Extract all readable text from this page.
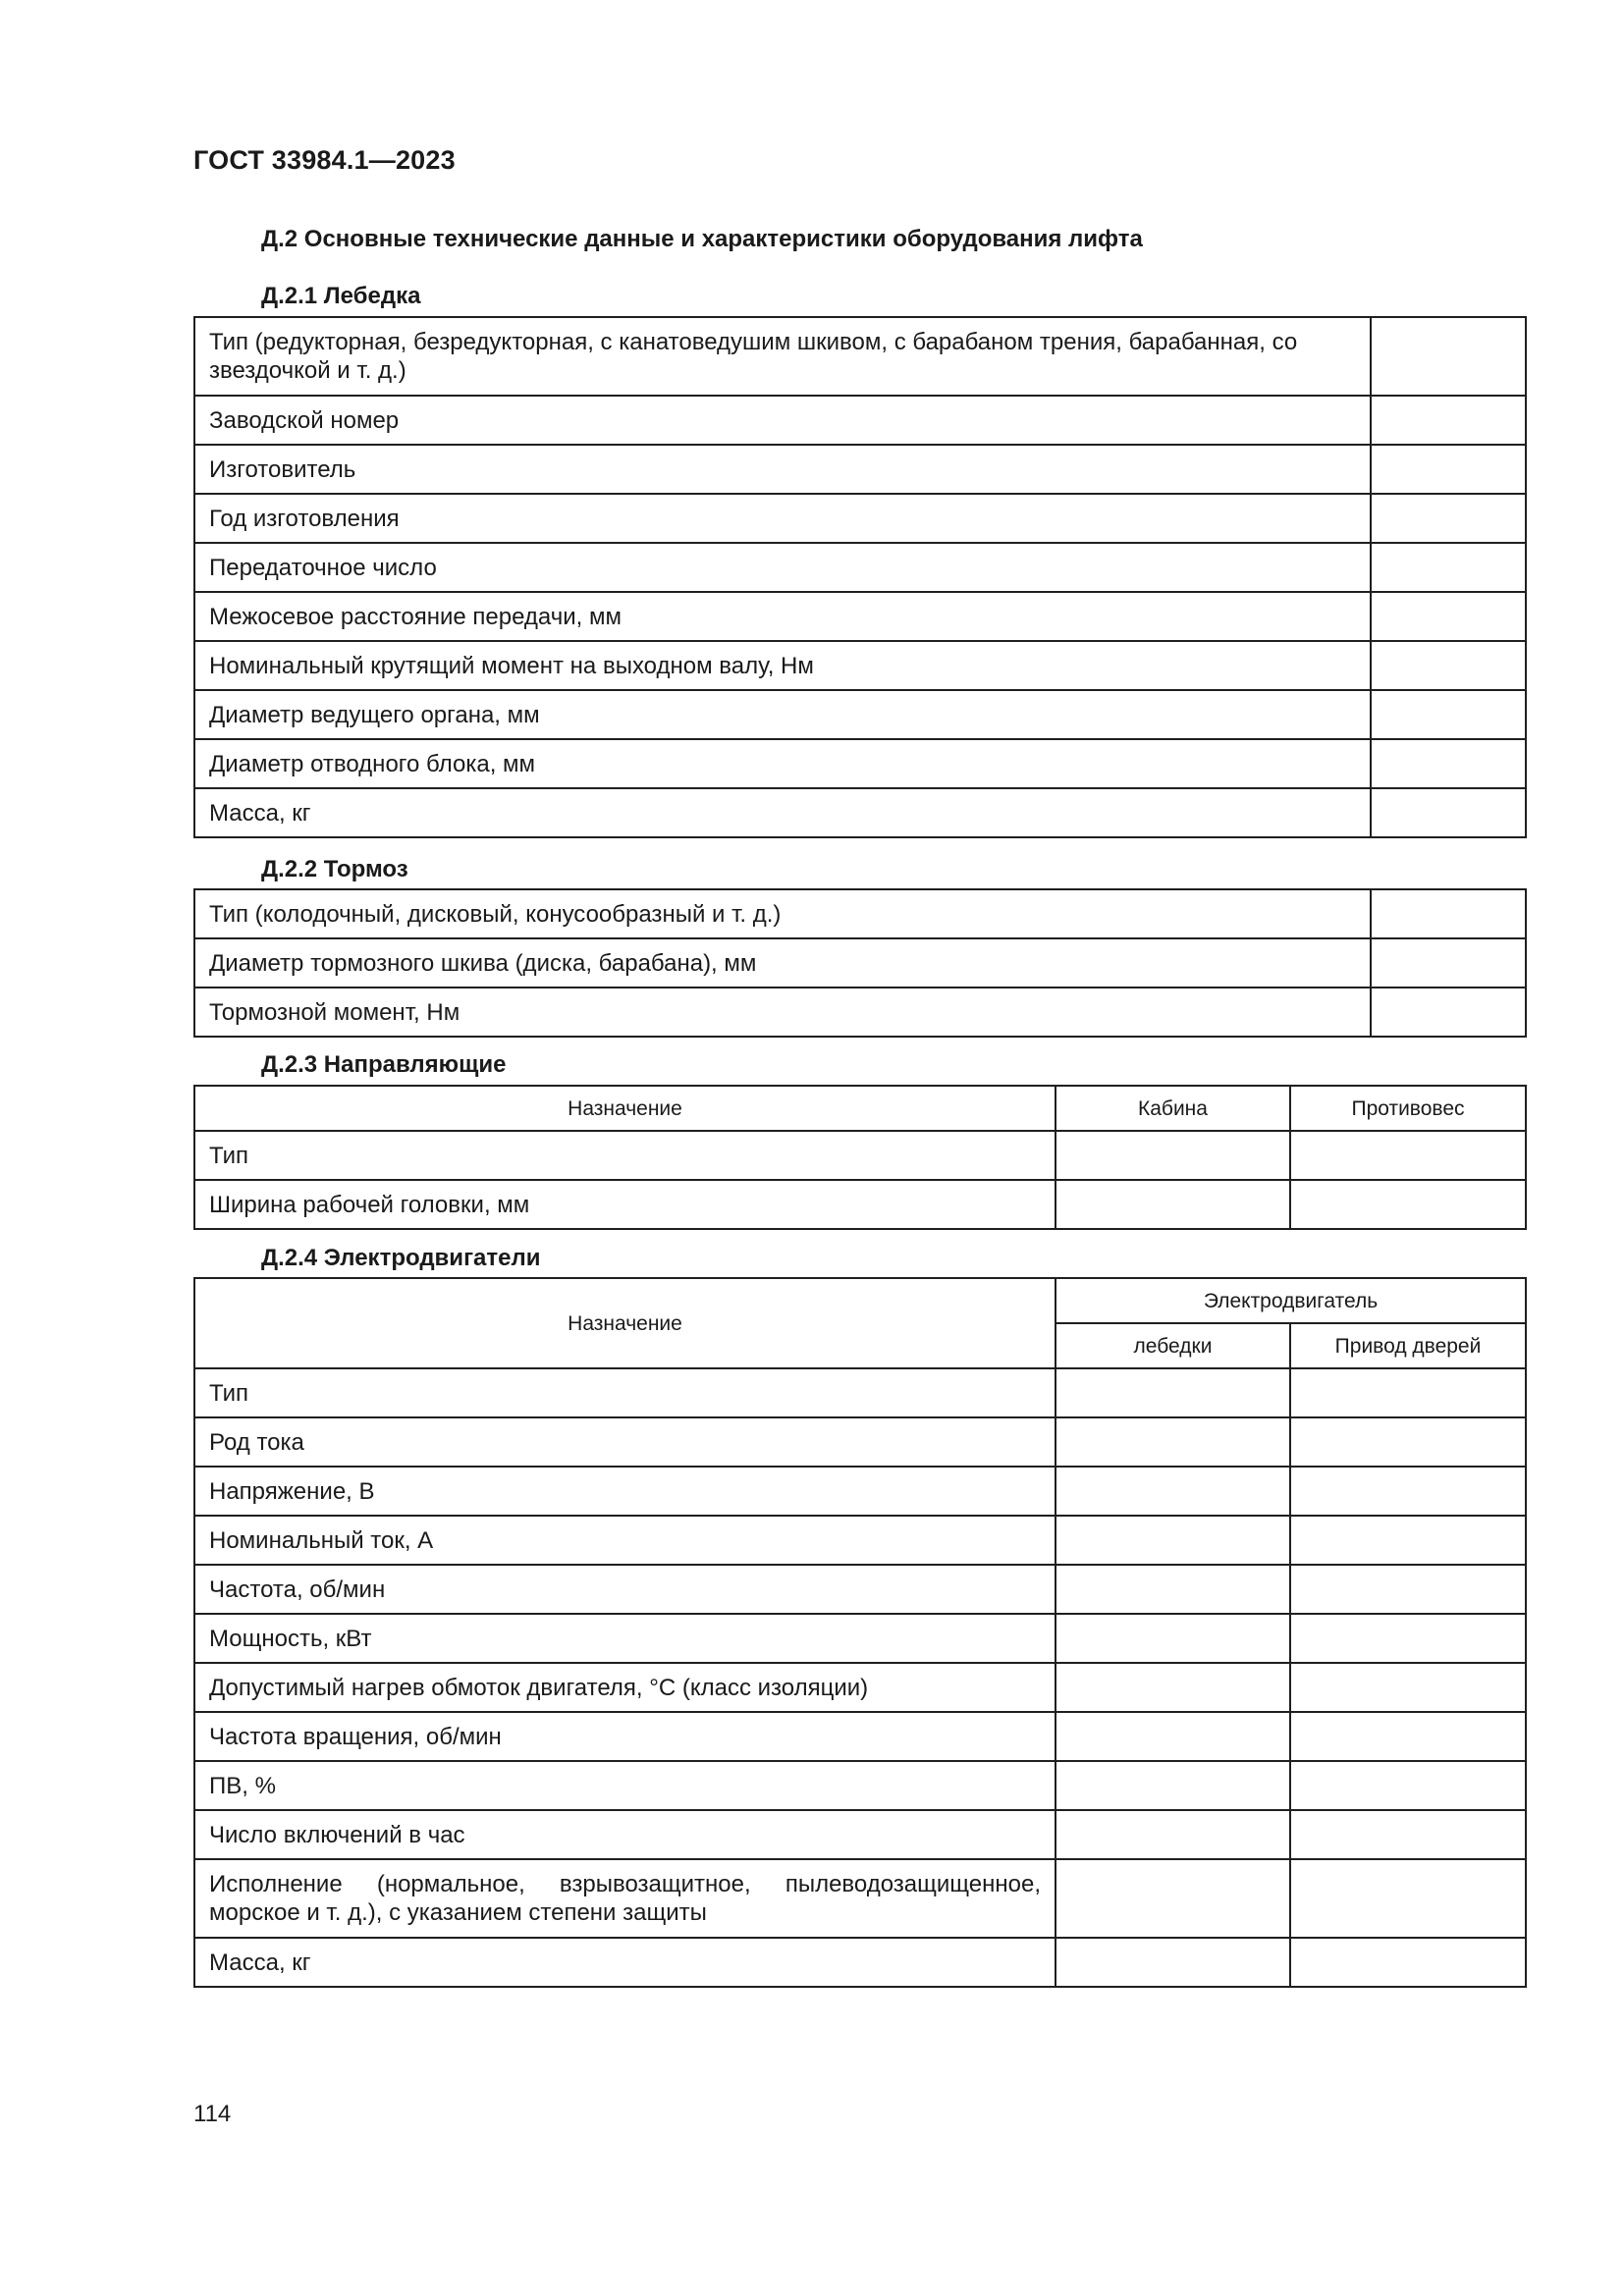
ГОСТ 33984.1—2023
Д.2 Основные технические данные и характеристики оборудования лифта
Д.2.1 Лебедка
Тип (редукторная, безредукторная, с канатоведушим шкивом, с барабаном трения, барабанная, со звездочкой и т. д.)	
Заводской номер	
Изготовитель	
Год изготовления	
Передаточное число	
Межосевое расстояние передачи, мм	
Номинальный крутящий момент на выходном валу, Нм	
Диаметр ведущего органа, мм	
Диаметр отводного блока, мм	
Масса, кг	
Д.2.2 Тормоз
Тип (колодочный, дисковый, конусообразный и т. д.)	
Диаметр тормозного шкива (диска, барабана), мм	
Тормозной момент, Нм	
Д.2.3 Направляющие
Назначение	Кабина	Противовес
Тип		
Ширина рабочей головки, мм		
Д.2.4 Электродвигатели
Назначение	Электродвигатель	
	лебедки	Привод дверей
Тип		
Род тока		
Напряжение, В		
Номинальный ток, А		
Частота, об/мин		
Мощность, кВт		
Допустимый нагрев обмоток двигателя, °С (класс изоляции)		
Частота вращения, об/мин		
ПВ, %		
Число включений в час		
Исполнение (нормальное, взрывозащитное, пылеводозащищенное, морское и т. д.), с указанием степени защиты		
Масса, кг		
114
